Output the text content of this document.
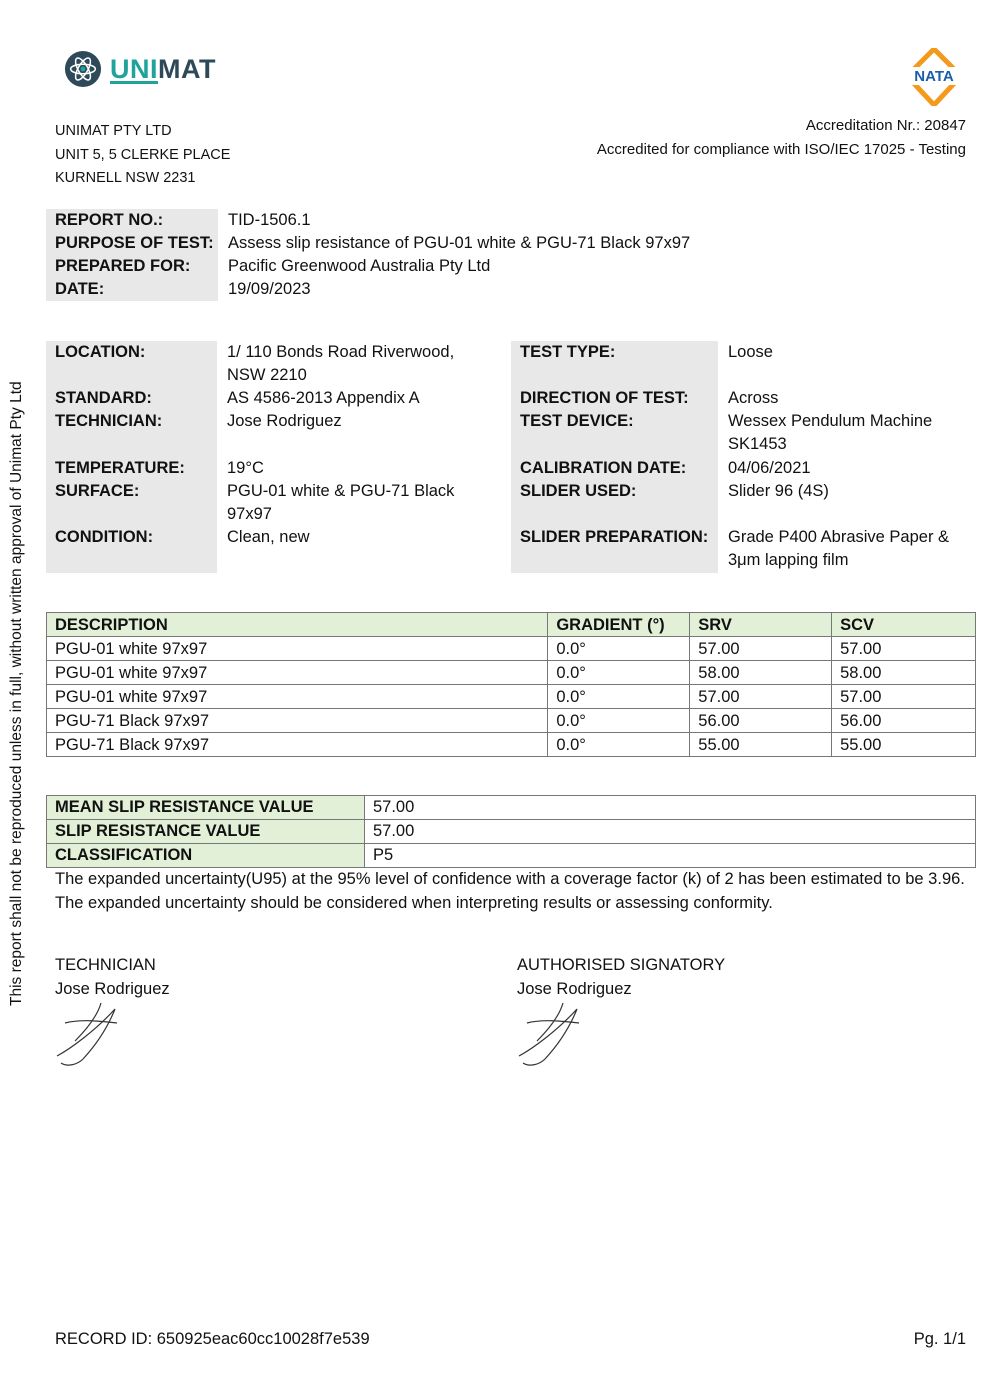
UNIMAT	NATA
UNIMAT PTY LTD
UNIT 5, 5 CLERKE PLACE
KURNELL NSW 2231
Accreditation Nr.: 20847
Accredited for compliance with ISO/IEC 17025 - Testing
REPORT NO.:	TID-1506.1
PURPOSE OF TEST: Assess slip resistance of PGU-01 white & PGU-71 Black 97x97
PREPARED FOR:	Pacific Greenwood Australia Pty Ltd
DATE:	19/09/2023
LOCATION:	1/ 110 Bonds Road Riverwood,
NSW 2210
STANDARD:	AS 4586-2013 Appendix A
TECHNICIAN:	Jose Rodriguez
TEMPERATURE:	19°C
SURFACE:	PGU-01 white & PGU-71 Black
97x97
CONDITION:	Clean, new
TEST TYPE:	Loose
DIRECTION OF TEST: Across
TEST DEVICE:	Wessex Pendulum Machine
SK1453
CALIBRATION DATE:	04/06/2021
SLIDER USED:	Slider 96 (4S)
SLIDER PREPARATION: Grade P400 Abrasive Paper &
3μm lapping film
DESCRIPTION	GRADIENT (°)	SRV	SCV
PGU-01 white 97x97	0.0°	57.00	57.00
PGU-01 white 97x97	0.0°	58.00	58.00
PGU-01 white 97x97	0.0°	57.00	57.00
PGU-71 Black 97x97	0.0°	56.00	56.00
PGU-71 Black 97x97	0.0°	55.00	55.00
MEAN SLIP RESISTANCE VALUE	57.00
SLIP RESISTANCE VALUE	57.00
CLASSIFICATION	P5
The expanded uncertainty(U95) at the 95% level of confidence with a coverage factor (k) of 2 has been estimated to be 3.96. The expanded uncertainty should be considered when interpreting results or assessing conformity.
TECHNICIAN
Jose Rodriguez
AUTHORISED SIGNATORY
Jose Rodriguez
This report shall not be reproduced unless in full, without written approval of Unimat Pty Ltd
RECORD ID: 650925eac60cc10028f7e539	Pg. 1/1
